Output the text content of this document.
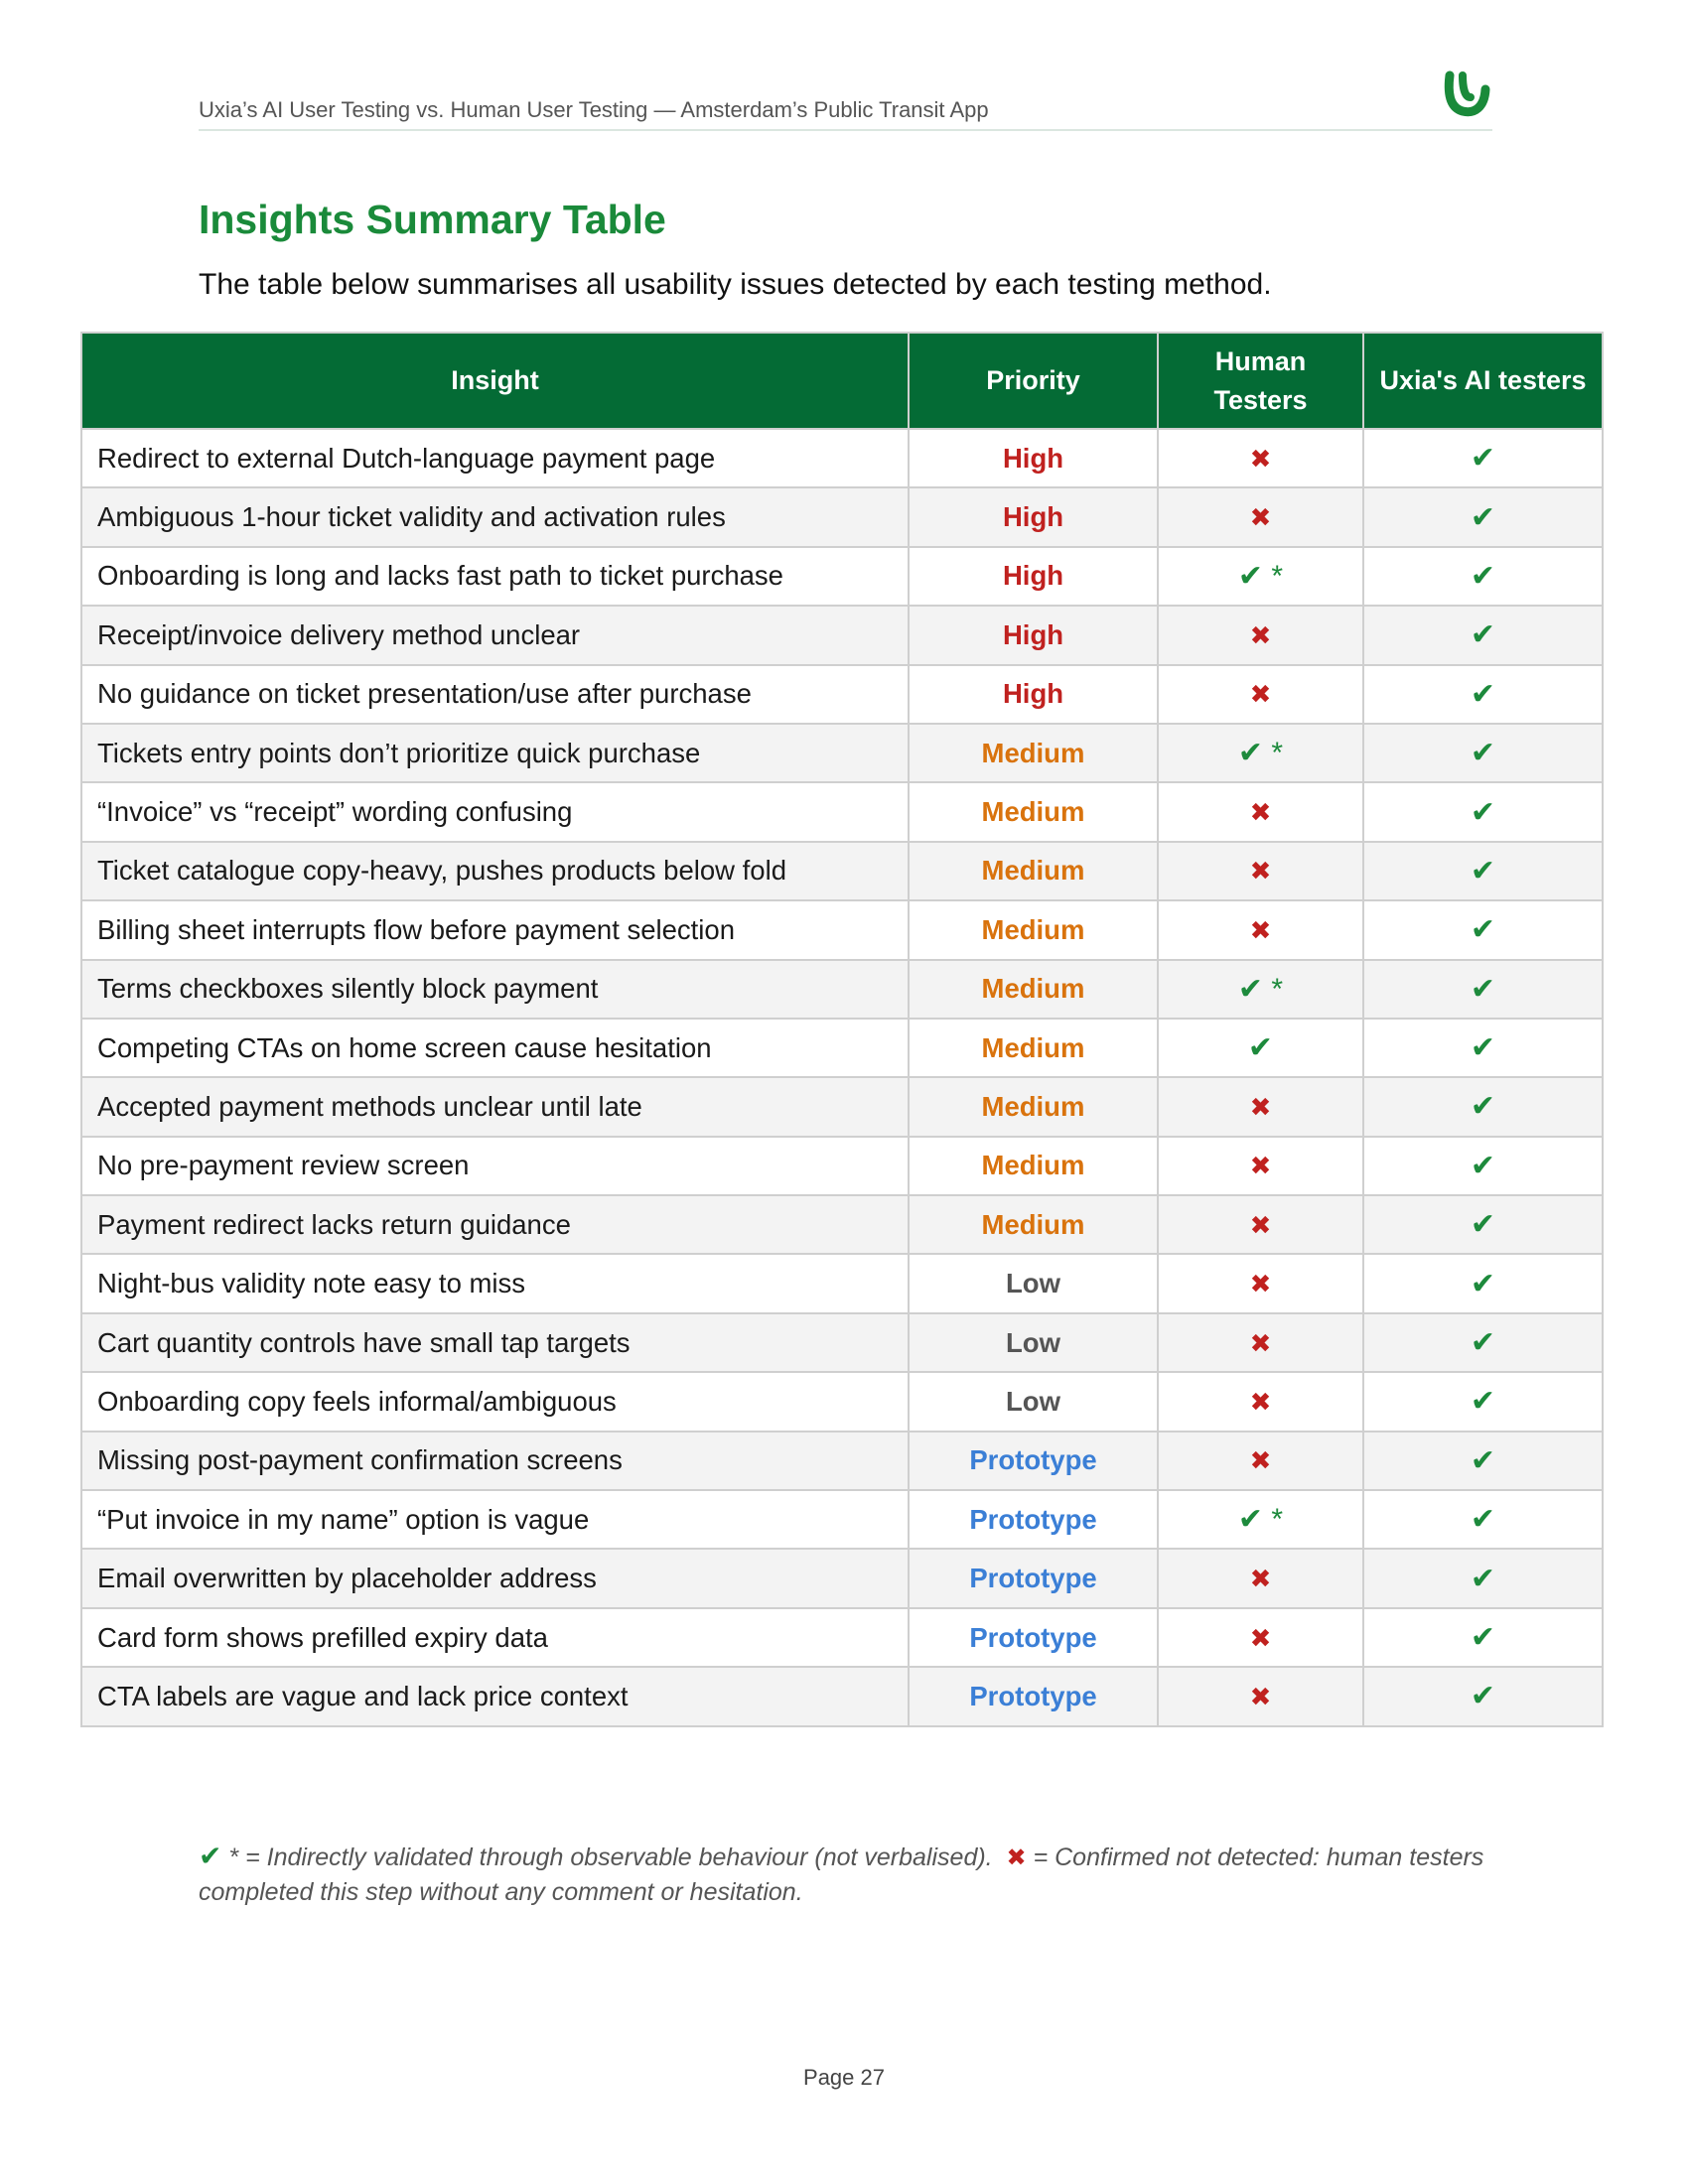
Uxia’s AI User Testing vs. Human User Testing — Amsterdam’s Public Transit App
Insights Summary Table

The table below summarises all usability issues detected by each testing method.

Insight	Priority	Human Testers	Uxia's AI testers
Redirect to external Dutch-language payment page	High	✖	✔
Ambiguous 1-hour ticket validity and activation rules	High	✖	✔
Onboarding is long and lacks fast path to ticket purchase	High	✔ *	✔
Receipt/invoice delivery method unclear	High	✖	✔
No guidance on ticket presentation/use after purchase	High	✖	✔
Tickets entry points don’t prioritize quick purchase	Medium	✔ *	✔
“Invoice” vs “receipt” wording confusing	Medium	✖	✔
Ticket catalogue copy-heavy, pushes products below fold	Medium	✖	✔
Billing sheet interrupts flow before payment selection	Medium	✖	✔
Terms checkboxes silently block payment	Medium	✔ *	✔
Competing CTAs on home screen cause hesitation	Medium	✔	✔
Accepted payment methods unclear until late	Medium	✖	✔
No pre-payment review screen	Medium	✖	✔
Payment redirect lacks return guidance	Medium	✖	✔
Night-bus validity note easy to miss	Low	✖	✔
Cart quantity controls have small tap targets	Low	✖	✔
Onboarding copy feels informal/ambiguous	Low	✖	✔
Missing post-payment confirmation screens	Prototype	✖	✔
“Put invoice in my name” option is vague	Prototype	✔ *	✔
Email overwritten by placeholder address	Prototype	✖	✔
Card form shows prefilled expiry data	Prototype	✖	✔
CTA labels are vague and lack price context	Prototype	✖	✔
✔ * = Indirectly validated through observable behaviour (not verbalised). ✖ = Confirmed not detected: human testers completed this step without any comment or hesitation.
Page 27
